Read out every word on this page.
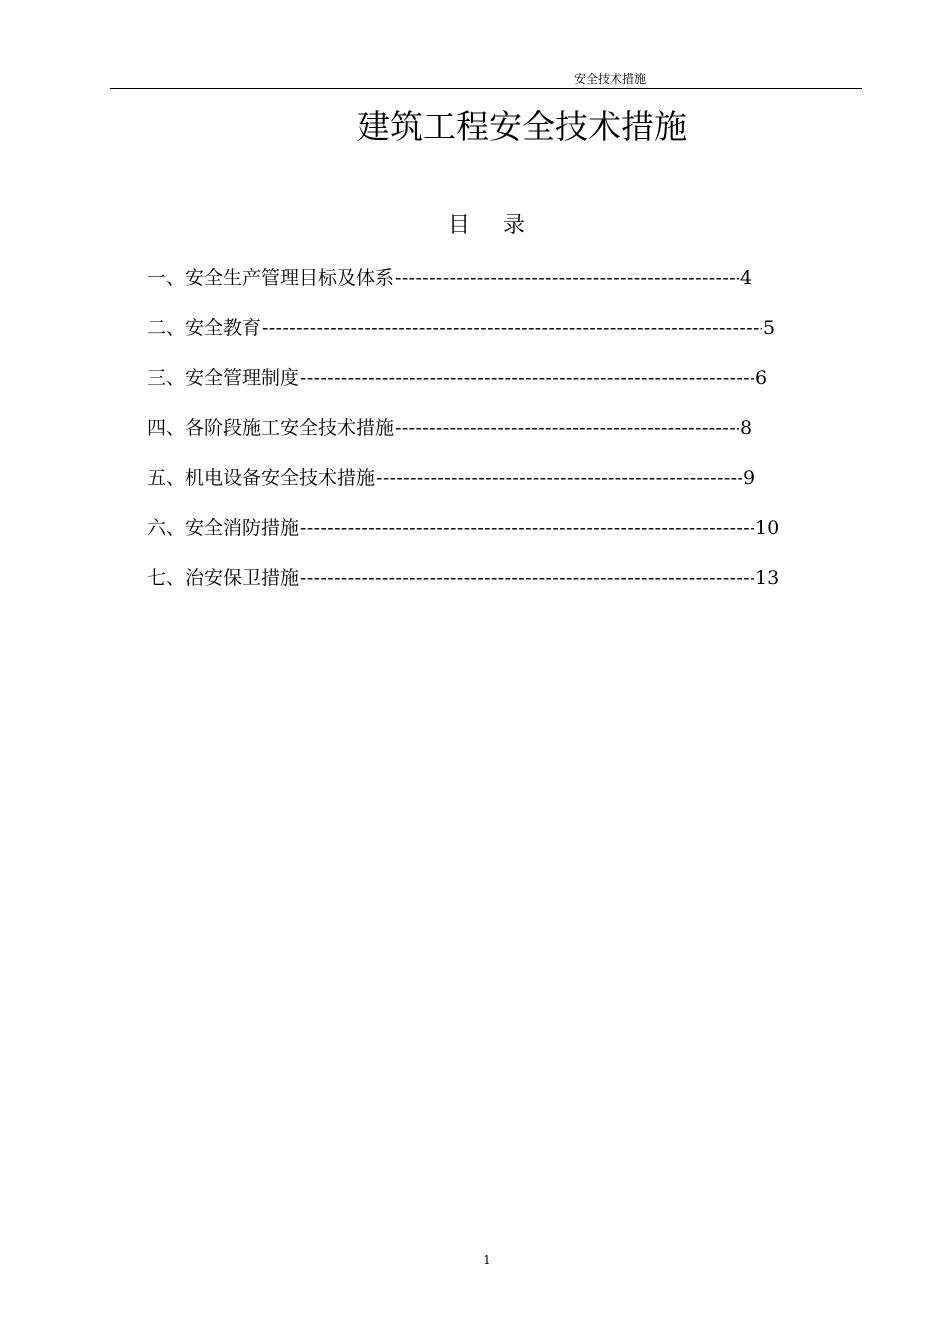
安全技术措施
建筑工程安全技术措施
目    录
一、安全生产管理目标及体系 -----	4
二、安全教育 -----	5
三、安全管理制度 -----	6
四、各阶段施工安全技术措施 -----	8
五、机电设备安全技术措施 -----	9
六、安全消防措施 -----	10
七、治安保卫措施 -----	13
1
